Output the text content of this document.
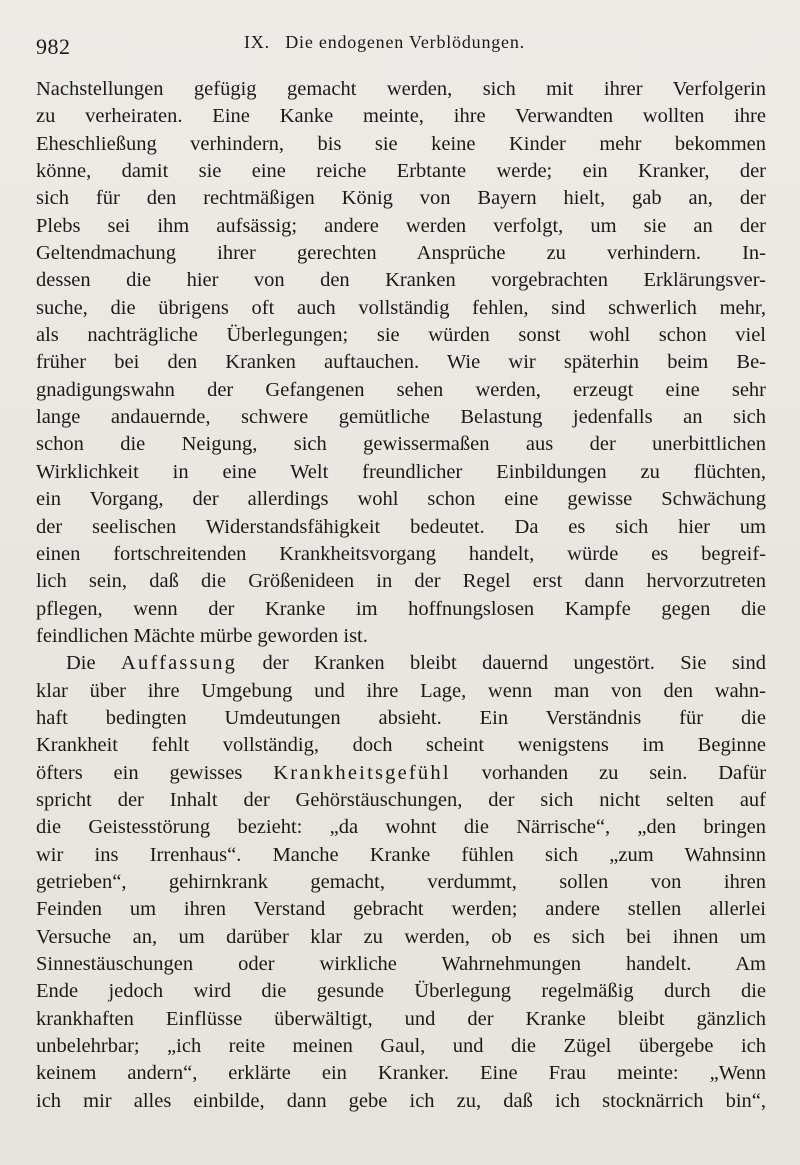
982	IX. Die endogenen Verblödungen.
Nachstellungen gefügig gemacht werden, sich mit ihrer Verfolgerin
zu verheiraten. Eine Kanke meinte, ihre Verwandten wollten ihre
Eheschließung verhindern, bis sie keine Kinder mehr bekommen
könne, damit sie eine reiche Erbtante werde; ein Kranker, der
sich für den rechtmäßigen König von Bayern hielt, gab an, der
Plebs sei ihm aufsässig; andere werden verfolgt, um sie an der
Geltendmachung ihrer gerechten Ansprüche zu verhindern. In-
dessen die hier von den Kranken vorgebrachten Erklärungsver-
suche, die übrigens oft auch vollständig fehlen, sind schwerlich mehr,
als nachträgliche Überlegungen; sie würden sonst wohl schon viel
früher bei den Kranken auftauchen. Wie wir späterhin beim Be-
gnadigungswahn der Gefangenen sehen werden, erzeugt eine sehr
lange andauernde, schwere gemütliche Belastung jedenfalls an sich
schon die Neigung, sich gewissermaßen aus der unerbittlichen
Wirklichkeit in eine Welt freundlicher Einbildungen zu flüchten,
ein Vorgang, der allerdings wohl schon eine gewisse Schwächung
der seelischen Widerstandsfähigkeit bedeutet. Da es sich hier um
einen fortschreitenden Krankheitsvorgang handelt, würde es begreif-
lich sein, daß die Größenideen in der Regel erst dann hervorzutreten
pflegen, wenn der Kranke im hoffnungslosen Kampfe gegen die
feindlichen Mächte mürbe geworden ist.
Die Auffassung der Kranken bleibt dauernd ungestört. Sie sind
klar über ihre Umgebung und ihre Lage, wenn man von den wahn-
haft bedingten Umdeutungen absieht. Ein Verständnis für die
Krankheit fehlt vollständig, doch scheint wenigstens im Beginne
öfters ein gewisses Krankheitsgefühl vorhanden zu sein. Dafür
spricht der Inhalt der Gehörstäuschungen, der sich nicht selten auf
die Geistesstörung bezieht: „da wohnt die Närrische“, „den bringen
wir ins Irrenhaus“. Manche Kranke fühlen sich „zum Wahnsinn
getrieben“, gehirnkrank gemacht, verdummt, sollen von ihren
Feinden um ihren Verstand gebracht werden; andere stellen allerlei
Versuche an, um darüber klar zu werden, ob es sich bei ihnen um
Sinnestäuschungen oder wirkliche Wahrnehmungen handelt. Am
Ende jedoch wird die gesunde Überlegung regelmäßig durch die
krankhaften Einflüsse überwältigt, und der Kranke bleibt gänzlich
unbelehrbar; „ich reite meinen Gaul, und die Zügel übergebe ich
keinem andern“, erklärte ein Kranker. Eine Frau meinte: „Wenn
ich mir alles einbilde, dann gebe ich zu, daß ich stocknärrich bin“,
